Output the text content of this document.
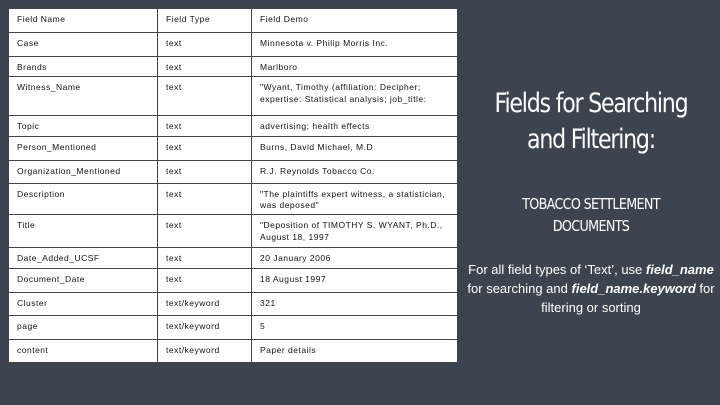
Field Name	Field Type	Field Demo
Case	text	Minnesota v. Philip Morris Inc.
Brands	text	Marlboro
Witness_Name	text	"Wyant, Timothy (affiliation: Decipher; expertise: Statistical analysis; job_title:
Topic	text	advertising; health effects
Person_Mentioned	text	Burns, David Michael, M.D
Organization_Mentioned	text	R.J. Reynolds Tobacco Co.
Description	text	"The plaintiffs expert witness, a statistician, was deposed"
Title	text	"Deposition of TIMOTHY S. WYANT, Ph.D., August 18, 1997
Date_Added_UCSF	text	20 January 2006
Document_Date	text	18 August 1997
Cluster	text/keyword	321
page	text/keyword	5
content	text/keyword	Paper details
Fields for Searching
and Filtering:
TOBACCO SETTLEMENT
DOCUMENTS
For all field types of ‘Text’, use field_name for searching and field_name.keyword for filtering or sorting
